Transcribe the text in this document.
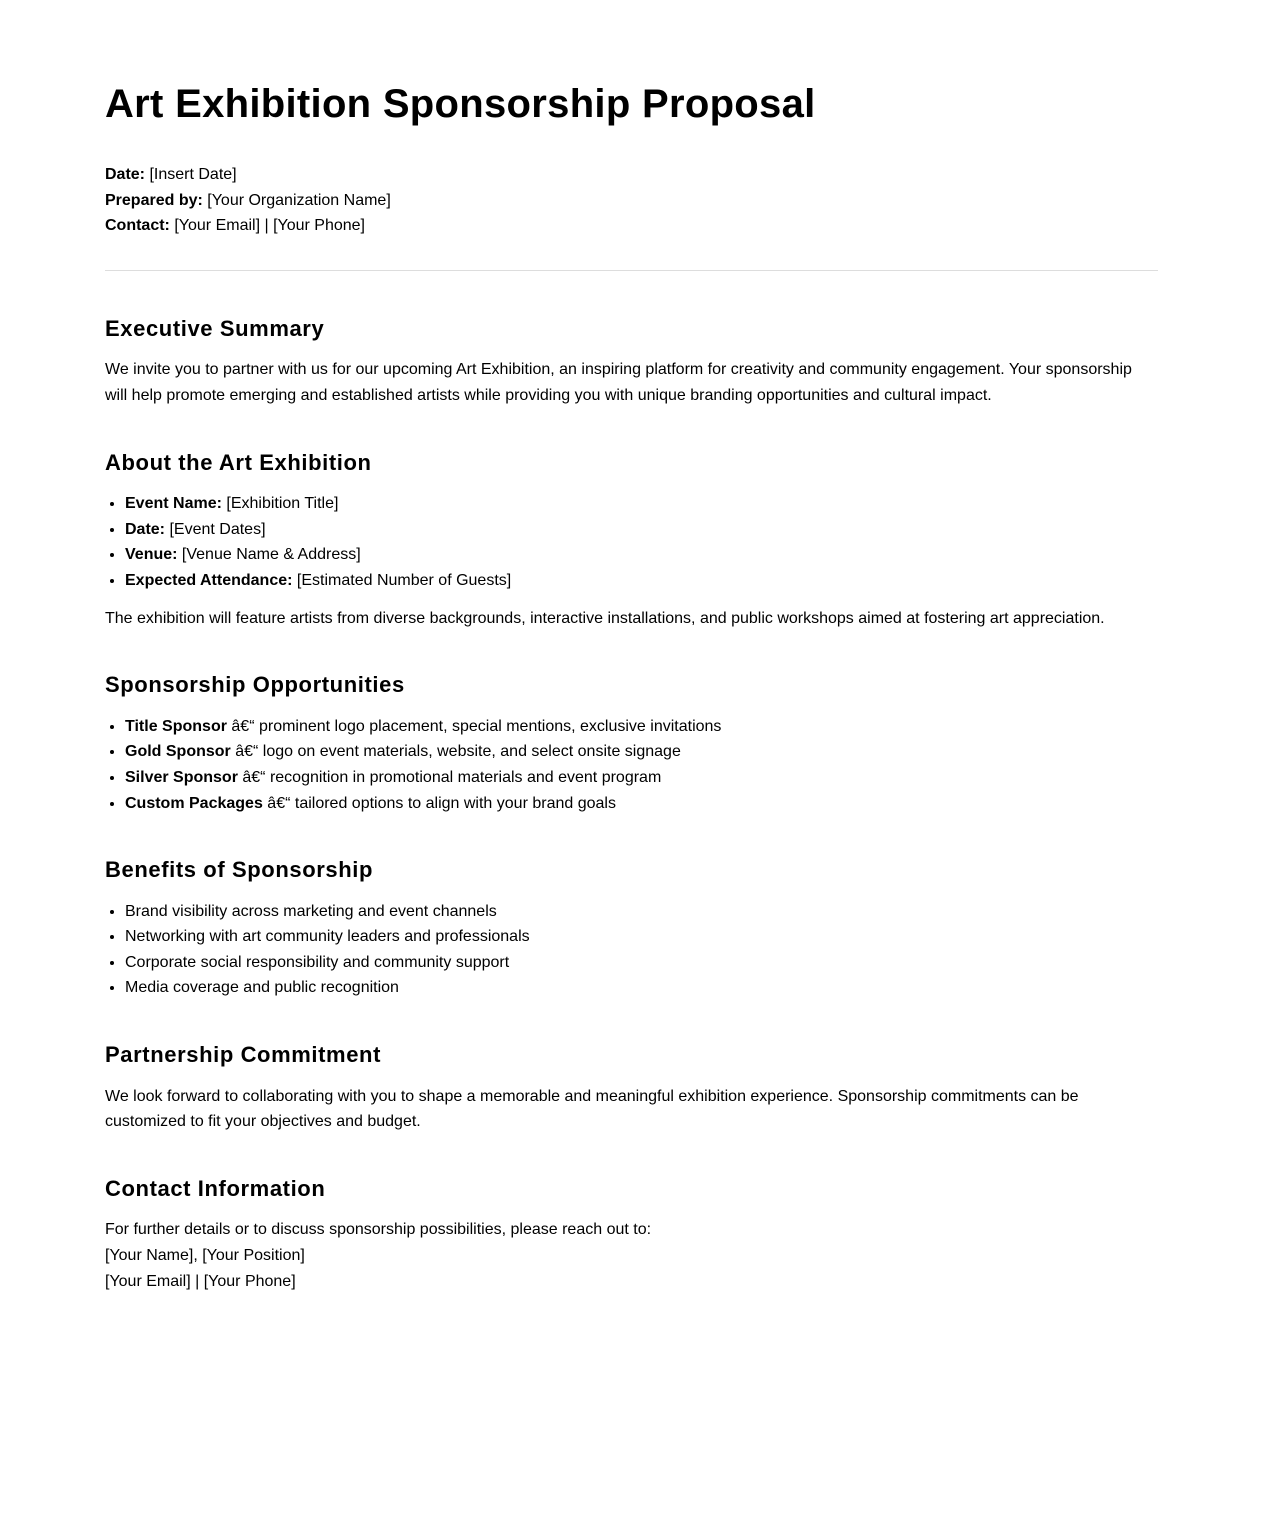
Art Exhibition Sponsorship Proposal

Date: [Insert Date]

Prepared by: [Your Organization Name]

Contact: [Your Email] | [Your Phone]

Executive Summary

We invite you to partner with us for our upcoming Art Exhibition, an inspiring platform for creativity and community engagement. Your sponsorship will help promote emerging and established artists while providing you with unique branding opportunities and cultural impact.

About the Art Exhibition
• Event Name: [Exhibition Title]
• Date: [Event Dates]
• Venue: [Venue Name & Address]
• Expected Attendance: [Estimated Number of Guests]

The exhibition will feature artists from diverse backgrounds, interactive installations, and public workshops aimed at fostering art appreciation.

Sponsorship Opportunities
• Title Sponsor â€“ prominent logo placement, special mentions, exclusive invitations
• Gold Sponsor â€“ logo on event materials, website, and select onsite signage
• Silver Sponsor â€“ recognition in promotional materials and event program
• Custom Packages â€“ tailored options to align with your brand goals
Benefits of Sponsorship
• Brand visibility across marketing and event channels
• Networking with art community leaders and professionals
• Corporate social responsibility and community support
• Media coverage and public recognition
Partnership Commitment

We look forward to collaborating with you to shape a memorable and meaningful exhibition experience. Sponsorship commitments can be customized to fit your objectives and budget.

Contact Information

For further details or to discuss sponsorship possibilities, please reach out to:

[Your Name], [Your Position]

[Your Email] | [Your Phone]
